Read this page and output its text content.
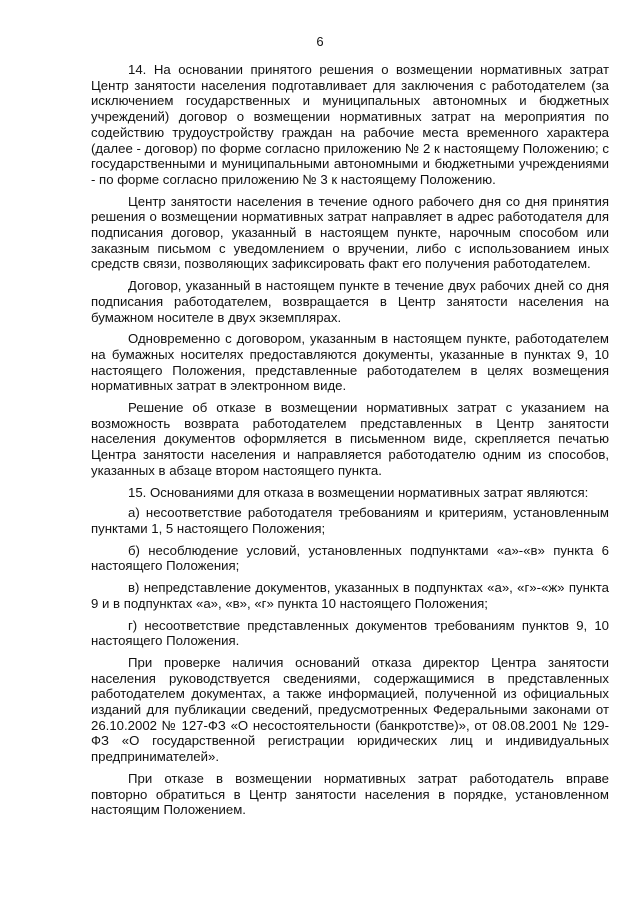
6

14. На основании принятого решения о возмещении нормативных затрат Центр занятости населения подготавливает для заключения с работодателем (за исключением государственных и муниципальных автономных и бюджетных учреждений) договор о возмещении нормативных затрат на мероприятия по содействию трудоустройству граждан на рабочие места временного характера (далее - договор) по форме согласно приложению № 2 к настоящему Положению; с государственными и муниципальными автономными и бюджетными учреждениями - по форме согласно приложению № 3 к настоящему Положению.

Центр занятости населения в течение одного рабочего дня со дня принятия решения о возмещении нормативных затрат направляет в адрес работодателя для подписания договор, указанный в настоящем пункте, нарочным способом или заказным письмом с уведомлением о вручении, либо с использованием иных средств связи, позволяющих зафиксировать факт его получения работодателем.

Договор, указанный в настоящем пункте в течение двух рабочих дней со дня подписания работодателем, возвращается в Центр занятости населения на бумажном носителе в двух экземплярах.

Одновременно с договором, указанным в настоящем пункте, работодателем на бумажных носителях предоставляются документы, указанные в пунктах 9, 10 настоящего Положения, представленные работодателем в целях возмещения нормативных затрат в электронном виде.

Решение об отказе в возмещении нормативных затрат с указанием на возможность возврата работодателем представленных в Центр занятости населения документов оформляется в письменном виде, скрепляется печатью Центра занятости населения и направляется работодателю одним из способов, указанных в абзаце втором настоящего пункта.

15. Основаниями для отказа в возмещении нормативных затрат являются:

а) несоответствие работодателя требованиям и критериям, установленным пунктами 1, 5 настоящего Положения;

б) несоблюдение условий, установленных подпунктами «а»-«в» пункта 6 настоящего Положения;

в) непредставление документов, указанных в подпунктах «а», «г»-«ж» пункта 9 и в подпунктах «а», «в», «г» пункта 10 настоящего Положения;

г) несоответствие представленных документов требованиям пунктов 9, 10 настоящего Положения.

При проверке наличия оснований отказа директор Центра занятости населения руководствуется сведениями, содержащимися в представленных работодателем документах, а также информацией, полученной из официальных изданий для публикации сведений, предусмотренных Федеральными законами от 26.10.2002 № 127-ФЗ «О несостоятельности (банкротстве)», от 08.08.2001 № 129-ФЗ «О государственной регистрации юридических лиц и индивидуальных предпринимателей».

При отказе в возмещении нормативных затрат работодатель вправе повторно обратиться в Центр занятости населения в порядке, установленном настоящим Положением.
